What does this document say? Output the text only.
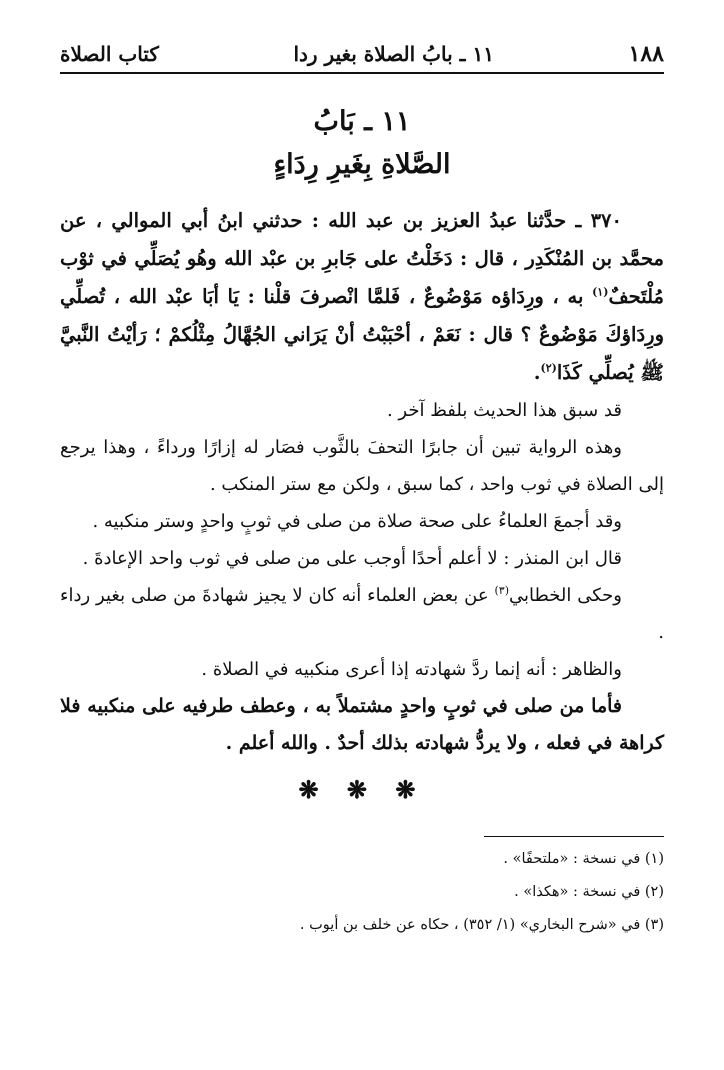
١٨٨
١١ ـ بابُ الصلاة بغير ردا
كتاب الصلاة
١١ ـ بَابُ
الصَّلاةِ بِغَيرِ رِدَاءٍ
٣٧٠ ـ حدَّثنا عبدُ العزيز بن عبد الله : حدثني ابنُ أبي الموالي ، عن محمَّد بن المُنْكَدِر ، قال : دَخَلْتُ على جَابرِ بن عبْد الله وهُو يُصَلِّي في ثوْب مُلْتَحفٌ$^{(١)}$ به ، ورِدَاؤه مَوْضُوعٌ ، فَلمَّا انْصرفَ قلْنا : يَا أبَا عبْد الله ، تُصلِّي ورِدَاؤكَ مَوْضُوعٌ ؟ قال : نَعَمْ ، أحْبَبْتُ أنْ يَرَاني الجُهَّالُ مِثْلُكمْ ؛ رَأيْتُ النَّبيَّ ﷺ يُصلِّي كَذَا$^{(٢)}$.

قد سبق هذا الحديث بلفظ آخر .

وهذه الرواية تبين أن جابرًا التحفَ بالثَّوب فصَار له إزارًا ورداءً ، وهذا يرجع إلى الصلاة في ثوب واحد ، كما سبق ، ولكن مع ستر المنكب .

وقد أجمعَ العلماءُ على صحة صلاة من صلى في ثوبٍ واحدٍ وستر منكبيه .

قال ابن المنذر : لا أعلم أحدًا أوجب على من صلى في ثوب واحد الإعادةَ .

وحكى الخطابي$^{(٣)}$ عن بعض العلماء أنه كان لا يجيز شهادةَ من صلى بغير رداء .

والظاهر : أنه إنما ردَّ شهادته إذا أعرى منكبيه في الصلاة .

فأما من صلى في ثوبٍ واحدٍ مشتملاً به ، وعطف طرفيه على منكبيه فلا كراهة في فعله ، ولا يردُّ شهادته بذلك أحدٌ . والله أعلم .

❋ ❋ ❋
(١) في نسخة : «ملتحفًا» .
(٢) في نسخة : «هكذا» .
(٣) في «شرح البخاري» (١/ ٣٥٢) ، حكاه عن خلف بن أيوب .
